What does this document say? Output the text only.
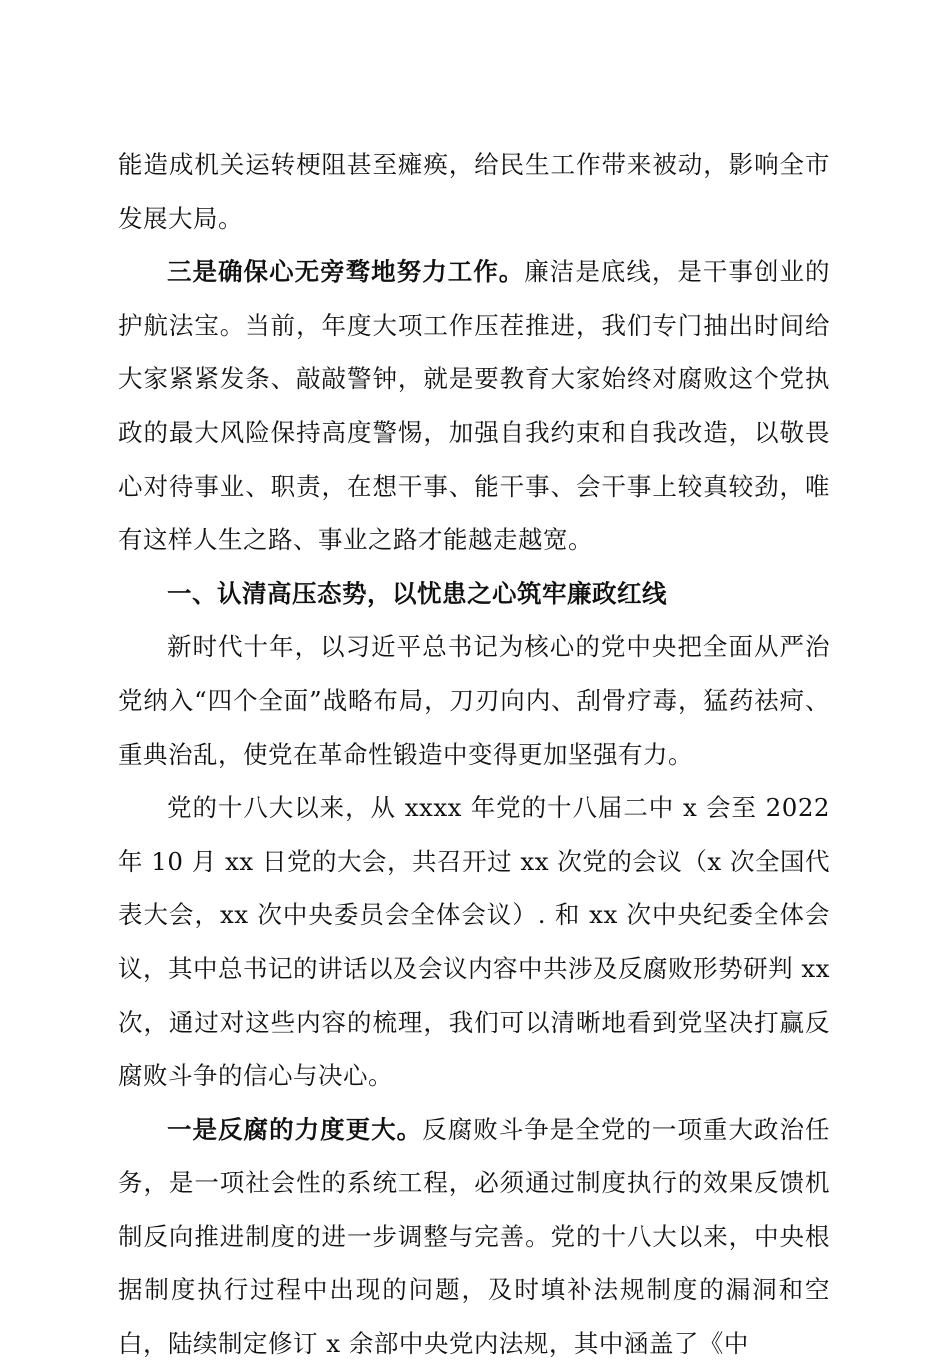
能造成机关运转梗阻甚至瘫痪，给民生工作带来被动，影响全市发展大局。

三是确保心无旁骛地努力工作。廉洁是底线，是干事创业的护航法宝。当前，年度大项工作压茬推进，我们专门抽出时间给大家紧紧发条、敲敲警钟，就是要教育大家始终对腐败这个党执政的最大风险保持高度警惕，加强自我约束和自我改造，以敬畏心对待事业、职责，在想干事、能干事、会干事上较真较劲，唯有这样人生之路、事业之路才能越走越宽。

一、认清高压态势，以忧患之心筑牢廉政红线

新时代十年，以习近平总书记为核心的党中央把全面从严治党纳入“四个全面”战略布局，刀刃向内、刮骨疗毒，猛药祛疴、重典治乱，使党在革命性锻造中变得更加坚强有力。

党的十八大以来，从 xxxx 年党的十八届二中 x 会至 2022 年 10 月 xx 日党的大会，共召开过 xx 次党的会议（x 次全国代表大会，xx 次中央委员会全体会议）. 和 xx 次中央纪委全体会议，其中总书记的讲话以及会议内容中共涉及反腐败形势研判 xx 次，通过对这些内容的梳理，我们可以清晰地看到党坚决打赢反腐败斗争的信心与决心。

一是反腐的力度更大。反腐败斗争是全党的一项重大政治任务，是一项社会性的系统工程，必须通过制度执行的效果反馈机制反向推进制度的进一步调整与完善。党的十八大以来，中央根据制度执行过程中出现的问题，及时填补法规制度的漏洞和空白，陆续制定修订 x 余部中央党内法规，其中涵盖了《中
